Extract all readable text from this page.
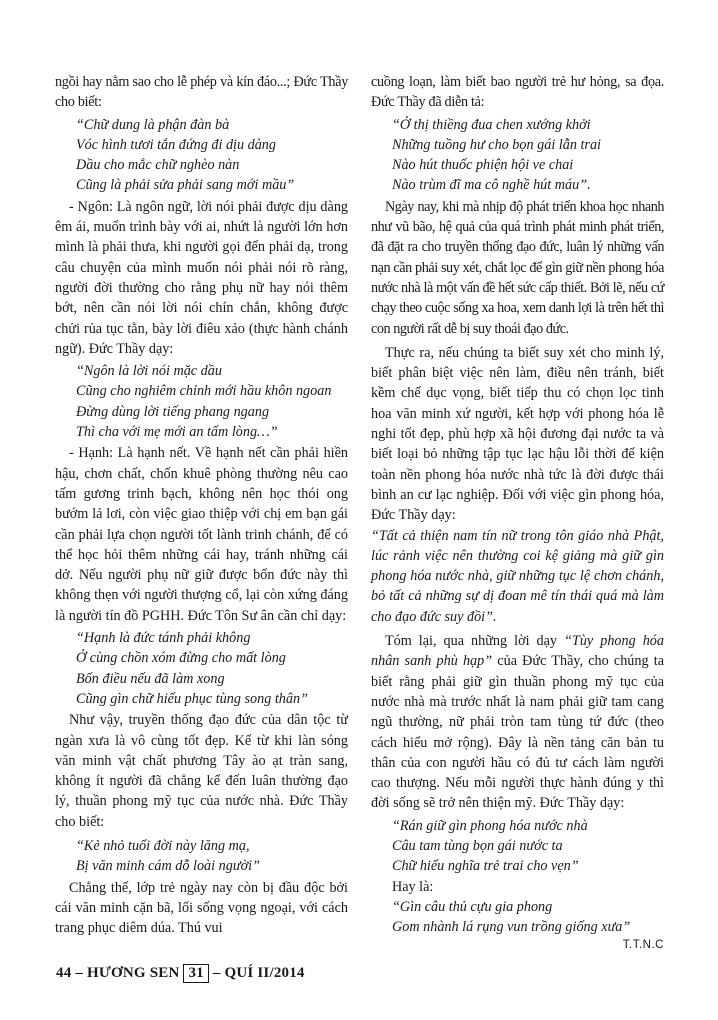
ngồi hay nằm sao cho lễ phép và kín đáo...; Đức Thầy cho biết:

“Chữ dung là phận đàn bà
Vóc hình tươi tắn đứng đi dịu dàng
Dầu cho mắc chữ nghèo nàn
Cũng là phải sửa phải sang mới mầu”

- Ngôn: Là ngôn ngữ, lời nói phải được dịu dàng êm ái, muốn trình bày với ai, nhứt là người lớn hơn mình là phải thưa, khi người gọi đến phải dạ, trong câu chuyện của mình muốn nói phải nói rõ ràng, người đời thường cho rằng phụ nữ hay nói thêm bớt, nên cần nói lời nói chín chắn, không được chửi rủa tục tằn, bày lời điêu xảo (thực hành chánh ngữ). Đức Thầy dạy:

“Ngôn là lời nói mặc dầu
Cũng cho nghiêm chỉnh mới hầu khôn ngoan
Đừng dùng lời tiếng phang ngang
Thì cha với mẹ mới an tấm lòng…”

- Hạnh: Là hạnh nết. Về hạnh nết cần phải hiền hậu, chơn chất, chốn khuê phòng thường nêu cao tấm gương trinh bạch, không nên học thói ong bướm lả lơi, còn việc giao thiệp với chị em bạn gái cần phải lựa chọn người tốt lành trinh chánh, để có thể học hỏi thêm những cái hay, tránh những cái dở. Nếu người phụ nữ giữ được bốn đức này thì không thẹn với người thượng cổ, lại còn xứng đáng là người tín đồ PGHH. Đức Tôn Sư ân cần chỉ dạy:

“Hạnh là đức tánh phải không
Ở cùng chồn xóm đừng cho mất lòng
Bốn điều nếu đã làm xong
Cũng gìn chữ hiếu phục tùng song thân”

Như vậy, truyền thống đạo đức của dân tộc từ ngàn xưa là vô cùng tốt đẹp. Kể từ khi làn sóng văn minh vật chất phương Tây ào ạt tràn sang, không ít người đã chẳng kể đến luân thường đạo lý, thuần phong mỹ tục của nước nhà. Đức Thầy cho biết:

“Kẻ nhỏ tuổi đời này lăng mạ,
Bị văn minh cám dỗ loài người”

Chẳng thế, lớp trẻ ngày nay còn bị đầu độc bởi cái văn minh cặn bã, lối sống vọng ngoại, với cách trang phục diêm dúa. Thú vui

cuồng loạn, làm biết bao người trẻ hư hỏng, sa đọa. Đức Thầy đã diễn tả:

“Ở thị thiềng đua chen xướng khởi
Những tuồng hư cho bọn gái lẫn trai
Nào hút thuốc phiện hội ve chai
Nào trùm đĩ ma cô nghề hút máu”.

Ngày nay, khi mà nhịp độ phát triển khoa học nhanh như vũ bão, hệ quả của quá trình phát minh phát triển, đã đặt ra cho truyền thống đạo đức, luân lý những vấn nạn cần phải suy xét, chắt lọc để gìn giữ nền phong hóa nước nhà là một vấn đề hết sức cấp thiết. Bởi lẽ, nếu cứ chạy theo cuộc sống xa hoa, xem danh lợi là trên hết thì con người rất dễ bị suy thoái đạo đức.

Thực ra, nếu chúng ta biết suy xét cho minh lý, biết phân biệt việc nên làm, điều nên tránh, biết kềm chế dục vọng, biết tiếp thu có chọn lọc tinh hoa văn minh xứ người, kết hợp với phong hóa lễ nghi tốt đẹp, phù hợp xã hội đương đại nước ta và biết loại bỏ những tập tục lạc hậu lỗi thời để kiện toàn nền phong hóa nước nhà tức là đời được thái bình an cư lạc nghiệp. Đối với việc gìn phong hóa, Đức Thầy dạy:

“Tất cả thiện nam tín nữ trong tôn giáo nhà Phật, lúc rảnh việc nên thường coi kệ giảng mà giữ gìn phong hóa nước nhà, giữ những tục lệ chơn chánh, bỏ tất cả những sự dị đoan mê tín thái quá mà làm cho đạo đức suy đồi”.

Tóm lại, qua những lời dạy “Tùy phong hóa nhân sanh phù hạp” của Đức Thầy, cho chúng ta biết rằng phải giữ gìn thuần phong mỹ tục của nước nhà mà trước nhất là nam phải giữ tam cang ngũ thường, nữ phải tròn tam tùng tứ đức (theo cách hiểu mở rộng). Đây là nền tảng căn bản tu thân của con người hầu có đủ tư cách làm người cao thượng. Nếu mỗi người thực hành đúng y thì đời sống sẽ trở nên thiện mỹ. Đức Thầy dạy:

“Rán giữ gìn phong hóa nước nhà
Câu tam tùng bọn gái nước ta
Chữ hiếu nghĩa trẻ trai cho vẹn”
Hay là:
“Gìn câu thủ cựu gia phong
Gom nhành lá rụng vun trồng giống xưa”
T.T.N.C
44 – HƯƠNG SEN 31 – QUÍ II/2014
